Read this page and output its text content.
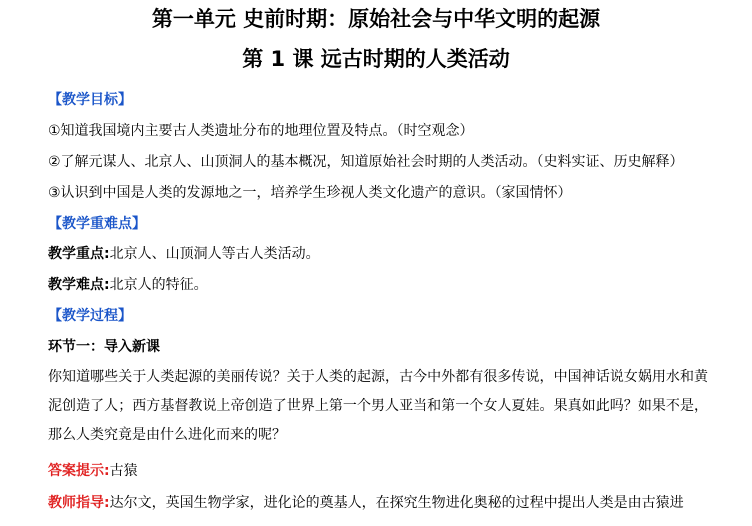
第一单元 史前时期：原始社会与中华文明的起源
第 1 课 远古时期的人类活动
【教学目标】
①知道我国境内主要古人类遗址分布的地理位置及特点。（时空观念）
②了解元谋人、北京人、山顶洞人的基本概况，知道原始社会时期的人类活动。（史料实证、历史解释）
③认识到中国是人类的发源地之一，培养学生珍视人类文化遗产的意识。（家国情怀）
【教学重难点】
教学重点:北京人、山顶洞人等古人类活动。
教学难点:北京人的特征。
【教学过程】
环节一：导入新课
你知道哪些关于人类起源的美丽传说？关于人类的起源，古今中外都有很多传说，中国神话说女娲用水和黄泥创造了人；西方基督教说上帝创造了世界上第一个男人亚当和第一个女人夏娃。果真如此吗？如果不是，那么人类究竟是由什么进化而来的呢？
答案提示:古猿
教师指导:达尔文，英国生物学家，进化论的奠基人，在探究生物进化奥秘的过程中提出人类是由古猿进
